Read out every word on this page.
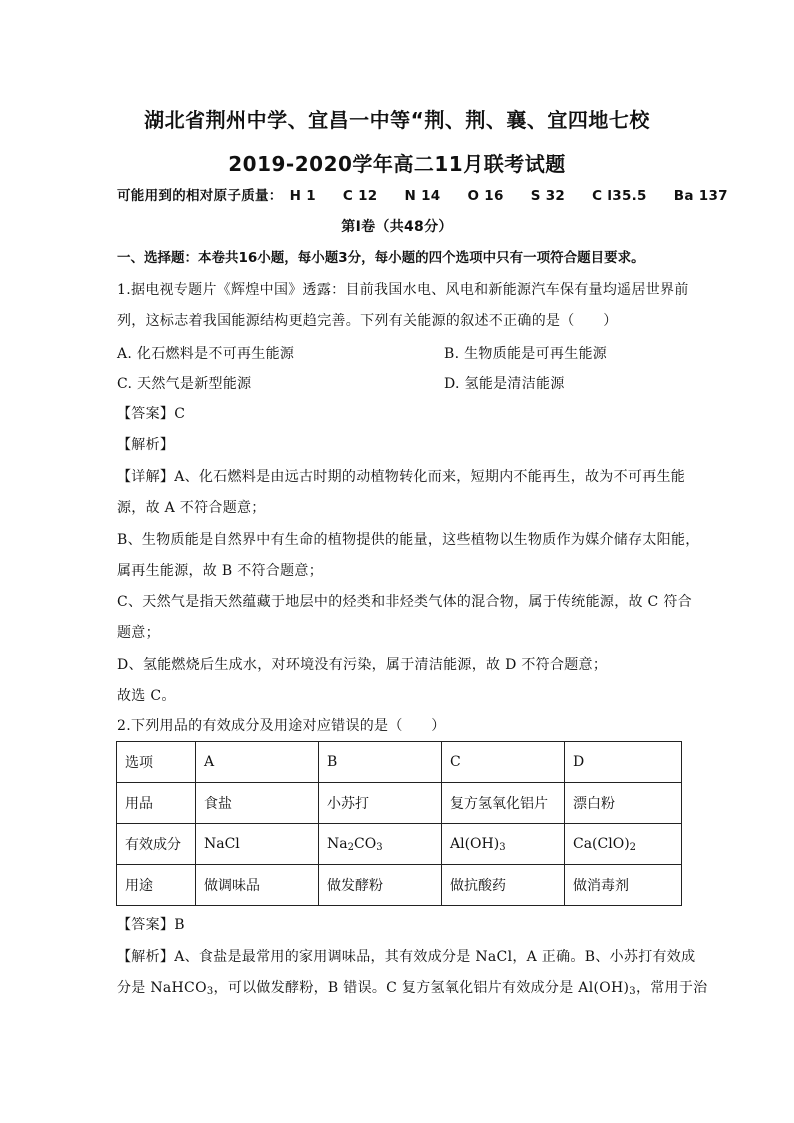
湖北省荆州中学、宜昌一中等“荆、荆、襄、宜四地七校
2019-2020学年高二11月联考试题
可能用到的相对原子质量： H 1 C 12 N 14 O 16 S 32 C l35.5 Ba 137
第Ⅰ卷（共48分）
一、选择题：本卷共16小题，每小题3分，每小题的四个选项中只有一项符合题目要求。
1.据电视专题片《辉煌中国》透露：目前我国水电、风电和新能源汽车保有量均遥居世界前
列，这标志着我国能源结构更趋完善。下列有关能源的叙述不正确的是（　　）
A. 化石燃料是不可再生能源	B. 生物质能是可再生能源
C. 天然气是新型能源	D. 氢能是清洁能源
【答案】C
【解析】
【详解】A、化石燃料是由远古时期的动植物转化而来，短期内不能再生，故为不可再生能
源，故 A 不符合题意；
B、生物质能是自然界中有生命的植物提供的能量，这些植物以生物质作为媒介储存太阳能，
属再生能源，故 B 不符合题意；
C、天然气是指天然蕴藏于地层中的烃类和非烃类气体的混合物，属于传统能源，故 C 符合
题意；
D、氢能燃烧后生成水，对环境没有污染，属于清洁能源，故 D 不符合题意；
故选 C。
2.下列用品的有效成分及用途对应错误的是（　　）
选项	A	B	C	D
用品	食盐	小苏打	复方氢氧化铝片	漂白粉
有效成分	NaCl	$Na_2CO_3$	$Al(OH)_3$	$Ca(ClO)_2$
用途	做调味品	做发酵粉	做抗酸药	做消毒剂
【答案】B
【解析】A、食盐是最常用的家用调味品，其有效成分是 NaCl，A 正确。B、小苏打有效成
分是 NaHCO$_3$，可以做发酵粉，B 错误。C 复方氢氧化铝片有效成分是 $Al(OH)_3$，常用于治
